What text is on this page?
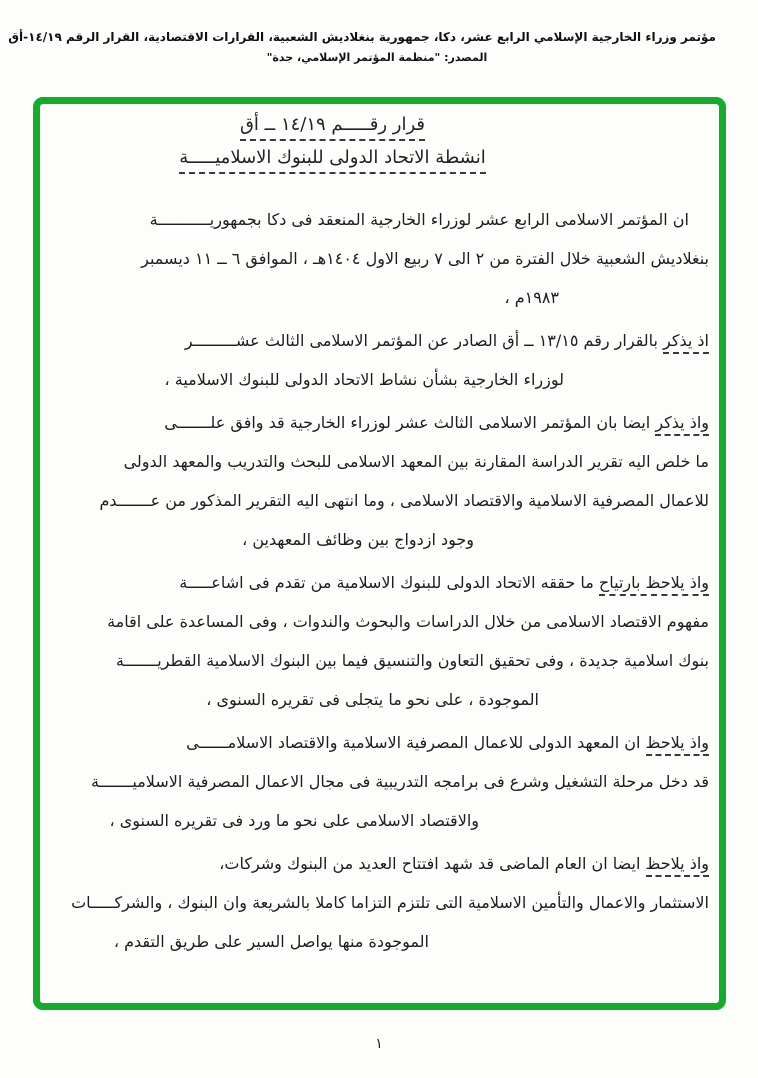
مؤتمر وزراء الخارجية الإسلامي الرابع عشر، دكا، جمهورية بنغلاديش الشعبية، القرارات الاقتصادية، القرار الرقم ١٤/١٩-أق
المصدر: "منظمة المؤتمر الإسلامي، جدة"
قرار رقـــــم ١٤/١٩ ــ أق
انشطة الاتحاد الدولى للبنوك الاسلاميـــــة
ان المؤتمر الاسلامى الرابع عشر لوزراء الخارجية المنعقد فى دكا بجمهوريـــــــــــة
بنغلاديش الشعبية خلال الفترة من ٢ الى ٧ ربيع الاول ١٤٠٤هـ ، الموافق ٦ ــ ١١ ديسمبر
١٩٨٣م ،
اذ يذكر بالقرار رقم ١٣/١٥ ــ أق الصادر عن المؤتمر الاسلامى الثالث عشـــــــــر
لوزراء الخارجية بشأن نشاط الاتحاد الدولى للبنوك الاسلامية ،
واذ يذكر ايضا بان المؤتمر الاسلامى الثالث عشر لوزراء الخارجية قد وافق علـــــــى
ما خلص اليه تقرير الدراسة المقارنة بين المعهد الاسلامى للبحث والتدريب والمعهد الدولى
للاعمال المصرفية الاسلامية والاقتصاد الاسلامى ، وما انتهى اليه التقرير المذكور من عـــــــدم
وجود ازدواج بين وظائف المعهدين ،
واذ يلاحظ بارتياح ما حققه الاتحاد الدولى للبنوك الاسلامية من تقدم فى اشاعـــــة
مفهوم الاقتصاد الاسلامى من خلال الدراسات والبحوث والندوات ، وفى المساعدة على اقامة
بنوك اسلامية جديدة ، وفى تحقيق التعاون والتنسيق فيما بين البنوك الاسلامية القطريـــــــة
الموجودة ، على نحو ما يتجلى فى تقريره السنوى ،
واذ يلاحظ ان المعهد الدولى للاعمال المصرفية الاسلامية والاقتصاد الاسلامــــــى
قد دخل مرحلة التشغيل وشرع فى برامجه التدريبية فى مجال الاعمال المصرفية الاسلاميـــــــة
والاقتصاد الاسلامى على نحو ما ورد فى تقريره السنوى ،
واذ يلاحظ ايضا ان العام الماضى قد شهد افتتاح العديد من البنوك وشركات،
الاستثمار والاعمال والتأمين الاسلامية التى تلتزم التزاما كاملا بالشريعة وان البنوك ، والشركـــــات
الموجودة منها يواصل السير على طريق التقدم ،
١
